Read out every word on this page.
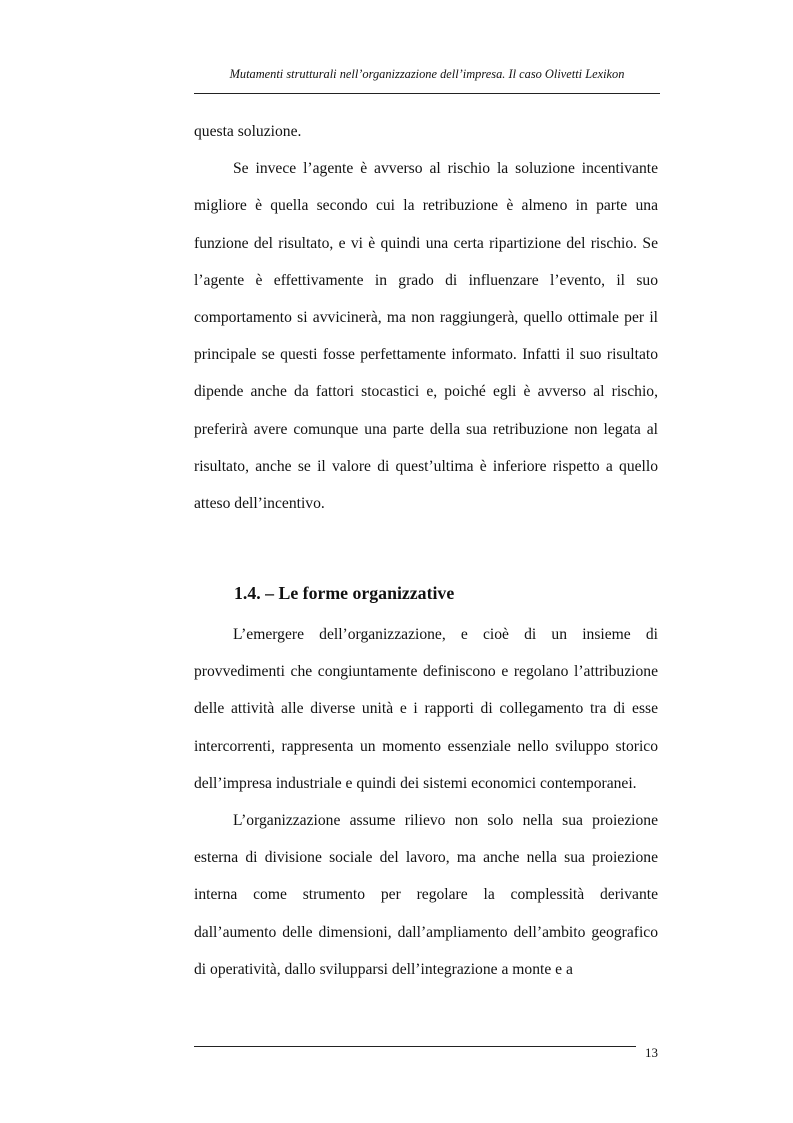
Mutamenti strutturali nell’organizzazione dell’impresa. Il caso Olivetti Lexikon

questa soluzione.

Se invece l’agente è avverso al rischio la soluzione incentivante migliore è quella secondo cui la retribuzione è almeno in parte una funzione del risultato, e vi è quindi una certa ripartizione del rischio. Se l’agente è effettivamente in grado di influenzare l’evento, il suo comportamento si avvicinerà, ma non raggiungerà, quello ottimale per il principale se questi fosse perfettamente informato. Infatti il suo risultato dipende anche da fattori stocastici e, poiché egli è avverso al rischio, preferirà avere comunque una parte della sua retribuzione non legata al risultato, anche se il valore di quest’ultima è inferiore rispetto a quello atteso dell’incentivo.

1.4. – Le forme organizzative

L’emergere dell’organizzazione, e cioè di un insieme di provvedimenti che congiuntamente definiscono e regolano l’attribuzione delle attività alle diverse unità e i rapporti di collegamento tra di esse intercorrenti, rappresenta un momento essenziale nello sviluppo storico dell’impresa industriale e quindi dei sistemi economici contemporanei.

L’organizzazione assume rilievo non solo nella sua proiezione esterna di divisione sociale del lavoro, ma anche nella sua proiezione interna come strumento per regolare la complessità derivante dall’aumento delle dimensioni, dall’ampliamento dell’ambito geografico di operatività, dallo svilupparsi dell’integrazione a monte e a

13
